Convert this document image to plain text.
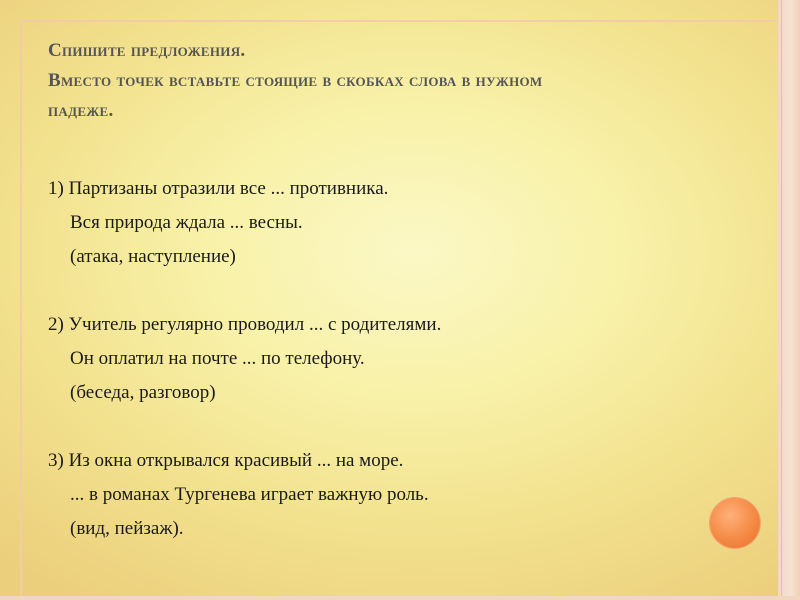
Спишите предложения.
Вместо точек вставьте стоящие в скобках слова в нужном
падеже.
1) Партизаны отразили все ... противника.
Вся природа ждала ... весны.
(атака, наступление)
2) Учитель регулярно проводил ... с родителями.
Он оплатил на почте ... по телефону.
(беседа, разговор)
3) Из окна открывался красивый ... на море.
... в романах Тургенева играет важную роль.
(вид, пейзаж).
